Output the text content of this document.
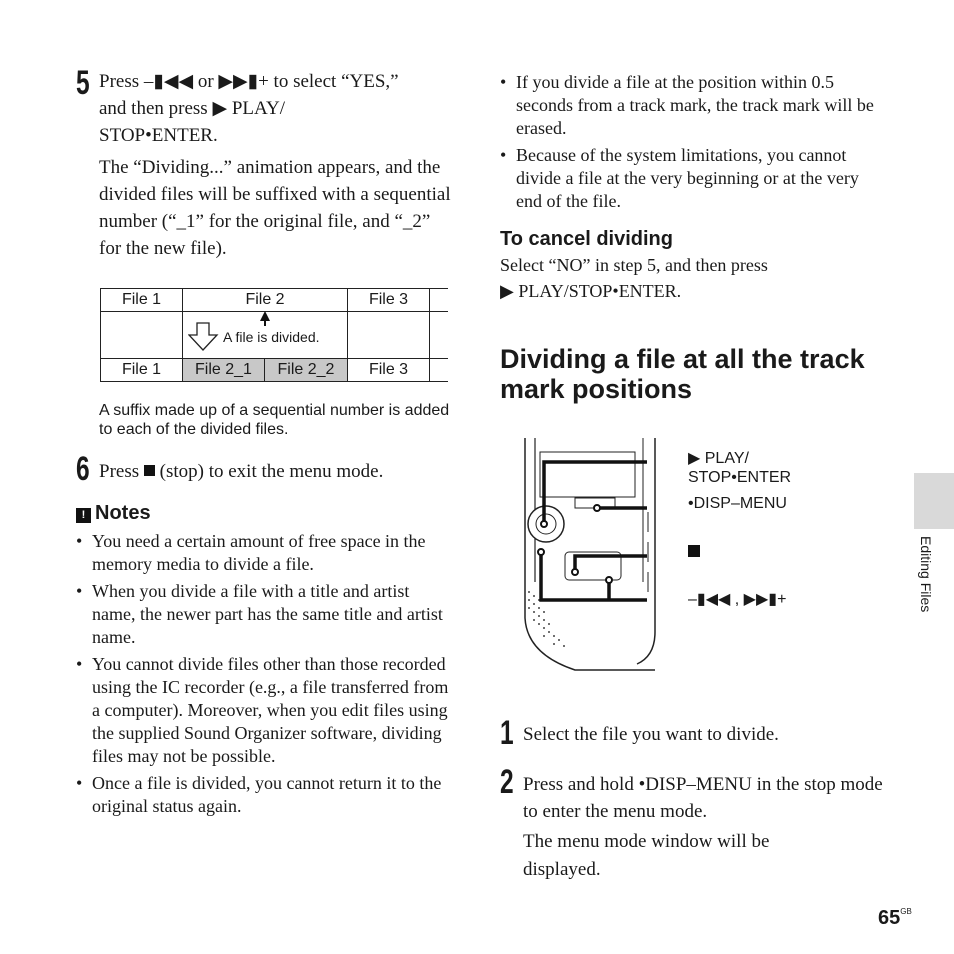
5 Press –▮◀◀ or ▶▶▮+ to select “YES,”
and then press ▶ PLAY/
STOP•ENTER.
The “Dividing...” animation appears, and the divided files will be suffixed with a sequential number (“_1” for the original file, and “_2” for the new file).
File 1	File 2	File 3	
A file is divided.
File 1	File 2_1	File 2_2	File 3	
A suffix made up of a sequential number is added to each of the divided files.
6 Press  (stop) to exit the menu mode.
! Notes
• You need a certain amount of free space in the memory media to divide a file.
• When you divide a file with a title and artist name, the newer part has the same title and artist name.
• You cannot divide files other than those recorded using the IC recorder (e.g., a file transferred from a computer). Moreover, when you edit files using the supplied Sound Organizer software, dividing files may not be possible.
• Once a file is divided, you cannot return it to the original status again.
• If you divide a file at the position within 0.5 seconds from a track mark, the track mark will be erased.
• Because of the system limitations, you cannot divide a file at the very beginning or at the very end of the file.
To cancel dividing
Select “NO” in step 5, and then press
▶ PLAY/STOP•ENTER.
Dividing a file at all the track
mark positions
▶ PLAY/
STOP•ENTER
•DISP–MENU
–▮◀◀ , ▶▶▮+
1 Select the file you want to divide.
2 Press and hold •DISP–MENU in the stop mode to enter the menu mode.
The menu mode window will be displayed.
Editing Files
$65^{GB}$
